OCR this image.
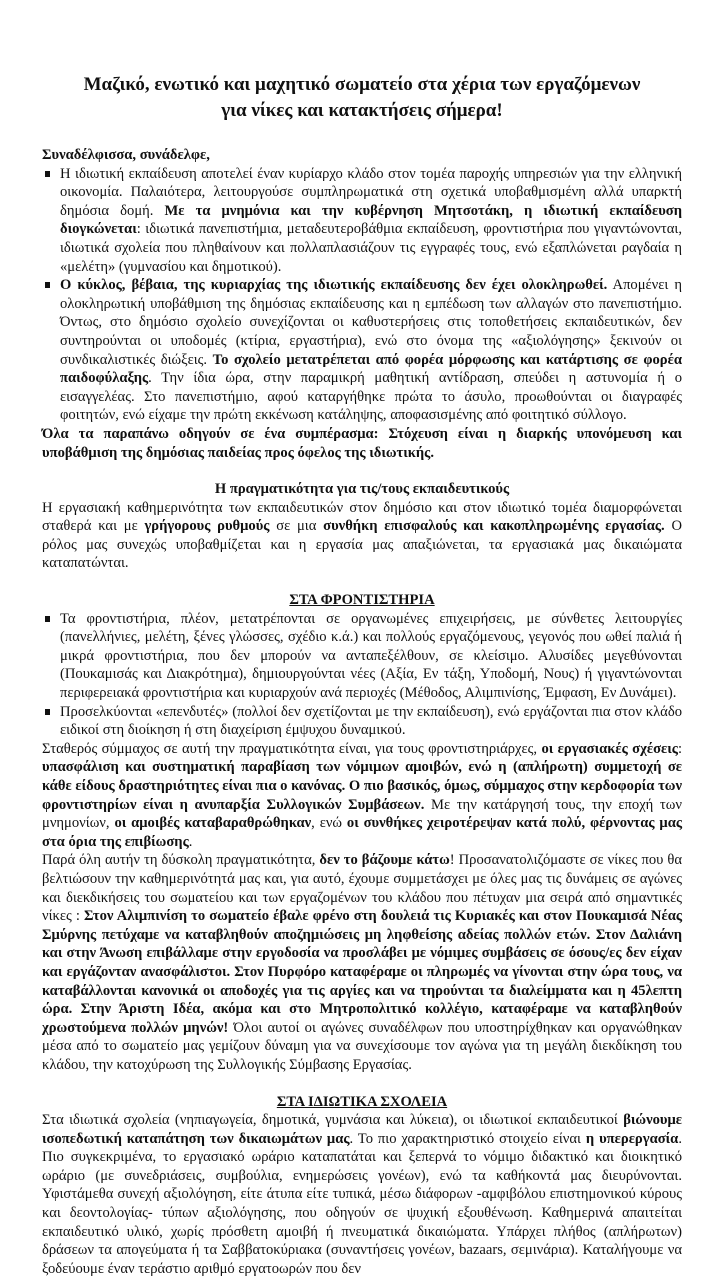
Μαζικό, ενωτικό και μαχητικό σωματείο στα χέρια των εργαζόμενων
για νίκες και κατακτήσεις σήμερα!

Συναδέλφισσα, συνάδελφε,

Η ιδιωτική εκπαίδευση αποτελεί έναν κυρίαρχο κλάδο στον τομέα παροχής υπηρεσιών για την ελληνική οικονομία. Παλαιότερα, λειτουργούσε συμπληρωματικά στη σχετικά υποβαθμισμένη αλλά υπαρκτή δημόσια δομή. Με τα μνημόνια και την κυβέρνηση Μητσοτάκη, η ιδιωτική εκπαίδευση διογκώνεται: ιδιωτικά πανεπιστήμια, μεταδευτεροβάθμια εκπαίδευση, φροντιστήρια που γιγαντώνονται, ιδιωτικά σχολεία που πληθαίνουν και πολλαπλασιάζουν τις εγγραφές τους, ενώ εξαπλώνεται ραγδαία η «μελέτη» (γυμνασίου και δημοτικού).
Ο κύκλος, βέβαια, της κυριαρχίας της ιδιωτικής εκπαίδευσης δεν έχει ολοκληρωθεί. Απομένει η ολοκληρωτική υποβάθμιση της δημόσιας εκπαίδευσης και η εμπέδωση των αλλαγών στο πανεπιστήμιο. Όντως, στο δημόσιο σχολείο συνεχίζονται οι καθυστερήσεις στις τοποθετήσεις εκπαιδευτικών, δεν συντηρούνται οι υποδομές (κτίρια, εργαστήρια), ενώ στο όνομα της «αξιολόγησης» ξεκινούν οι συνδικαλιστικές διώξεις. Το σχολείο μετατρέπεται από φορέα μόρφωσης και κατάρτισης σε φορέα παιδοφύλαξης. Την ίδια ώρα, στην παραμικρή μαθητική αντίδραση, σπεύδει η αστυνομία ή ο εισαγγελέας. Στο πανεπιστήμιο, αφού καταργήθηκε πρώτα το άσυλο, προωθούνται οι διαγραφές φοιτητών, ενώ είχαμε την πρώτη εκκένωση κατάληψης, αποφασισμένης από φοιτητικό σύλλογο.

Όλα τα παραπάνω οδηγούν σε ένα συμπέρασμα: Στόχευση είναι η διαρκής υπονόμευση και υποβάθμιση της δημόσιας παιδείας προς όφελος της ιδιωτικής.

Η πραγματικότητα για τις/τους εκπαιδευτικούς

Η εργασιακή καθημερινότητα των εκπαιδευτικών στον δημόσιο και στον ιδιωτικό τομέα διαμορφώνεται σταθερά και με γρήγορους ρυθμούς σε μια συνθήκη επισφαλούς και κακοπληρωμένης εργασίας. Ο ρόλος μας συνεχώς υποβαθμίζεται και η εργασία μας απαξιώνεται, τα εργασιακά μας δικαιώματα καταπατώνται.

ΣΤΑ ΦΡΟΝΤΙΣΤΗΡΙΑ
Τα φροντιστήρια, πλέον, μετατρέπονται σε οργανωμένες επιχειρήσεις, με σύνθετες λειτουργίες (πανελλήνιες, μελέτη, ξένες γλώσσες, σχέδιο κ.ά.) και πολλούς εργαζόμενους, γεγονός που ωθεί παλιά ή μικρά φροντιστήρια, που δεν μπορούν να ανταπεξέλθουν, σε κλείσιμο. Αλυσίδες μεγεθύνονται (Πουκαμισάς και Διακρότημα), δημιουργούνται νέες (Αξία, Εν τάξη, Υποδομή, Νους) ή γιγαντώνονται περιφερειακά φροντιστήρια και κυριαρχούν ανά περιοχές (Μέθοδος, Αλιμπινίσης, Έμφαση, Εν Δυνάμει).
Προσελκύονται «επενδυτές» (πολλοί δεν σχετίζονται με την εκπαίδευση), ενώ εργάζονται πια στον κλάδο ειδικοί στη διοίκηση ή στη διαχείριση έμψυχου δυναμικού.

Σταθερός σύμμαχος σε αυτή την πραγματικότητα είναι, για τους φροντιστηριάρχες, οι εργασιακές σχέσεις: υπασφάλιση και συστηματική παραβίαση των νόμιμων αμοιβών, ενώ η (απλήρωτη) συμμετοχή σε κάθε είδους δραστηριότητες είναι πια ο κανόνας. Ο πιο βασικός, όμως, σύμμαχος στην κερδοφορία των φροντιστηρίων είναι η ανυπαρξία Συλλογικών Συμβάσεων. Με την κατάργησή τους, την εποχή των μνημονίων, οι αμοιβές καταβαραθρώθηκαν, ενώ οι συνθήκες χειροτέρεψαν κατά πολύ, φέρνοντας μας στα όρια της επιβίωσης.

Παρά όλη αυτήν τη δύσκολη πραγματικότητα, δεν το βάζουμε κάτω! Προσανατολιζόμαστε σε νίκες που θα βελτιώσουν την καθημερινότητά μας και, για αυτό, έχουμε συμμετάσχει με όλες μας τις δυνάμεις σε αγώνες και διεκδικήσεις του σωματείου και των εργαζομένων του κλάδου που πέτυχαν μια σειρά από σημαντικές νίκες : Στον Αλιμπινίση το σωματείο έβαλε φρένο στη δουλειά τις Κυριακές και στον Πουκαμισά Νέας Σμύρνης πετύχαμε να καταβληθούν αποζημιώσεις μη ληφθείσης αδείας πολλών ετών. Στον Δαλιάνη και στην Άνωση επιβάλλαμε στην εργοδοσία να προσλάβει με νόμιμες συμβάσεις σε όσους/ες δεν είχαν και εργάζονταν ανασφάλιστοι. Στον Πυρφόρο καταφέραμε οι πληρωμές να γίνονται στην ώρα τους, να καταβάλλονται κανονικά οι αποδοχές για τις αργίες και να τηρούνται τα διαλείμματα και η 45λεπτη ώρα. Στην Άριστη Ιδέα, ακόμα και στο Μητροπολιτικό κολλέγιο, καταφέραμε να καταβληθούν χρωστούμενα πολλών μηνών! Όλοι αυτοί οι αγώνες συναδέλφων που υποστηρίχθηκαν και οργανώθηκαν μέσα από το σωματείο μας γεμίζουν δύναμη για να συνεχίσουμε τον αγώνα για τη μεγάλη διεκδίκηση του κλάδου, την κατοχύρωση της Συλλογικής Σύμβασης Εργασίας.

ΣΤΑ ΙΔΙΩΤΙΚΑ ΣΧΟΛΕΙΑ

Στα ιδιωτικά σχολεία (νηπιαγωγεία, δημοτικά, γυμνάσια και λύκεια), οι ιδιωτικοί εκπαιδευτικοί βιώνουμε ισοπεδωτική καταπάτηση των δικαιωμάτων μας. Το πιο χαρακτηριστικό στοιχείο είναι η υπερεργασία. Πιο συγκεκριμένα, το εργασιακό ωράριο καταπατάται και ξεπερνά το νόμιμο διδακτικό και διοικητικό ωράριο (με συνεδριάσεις, συμβούλια, ενημερώσεις γονέων), ενώ τα καθήκοντά μας διευρύνονται. Υφιστάμεθα συνεχή αξιολόγηση, είτε άτυπα είτε τυπικά, μέσω διάφορων -αμφιβόλου επιστημονικού κύρους και δεοντολογίας- τύπων αξιολόγησης, που οδηγούν σε ψυχική εξουθένωση. Καθημερινά απαιτείται εκπαιδευτικό υλικό, χωρίς πρόσθετη αμοιβή ή πνευματικά δικαιώματα. Υπάρχει πλήθος (απλήρωτων) δράσεων τα απογεύματα ή τα Σαββατοκύριακα (συναντήσεις γονέων, bazaars, σεμινάρια). Καταλήγουμε να ξοδεύουμε έναν τεράστιο αριθμό εργατοωρών που δεν
